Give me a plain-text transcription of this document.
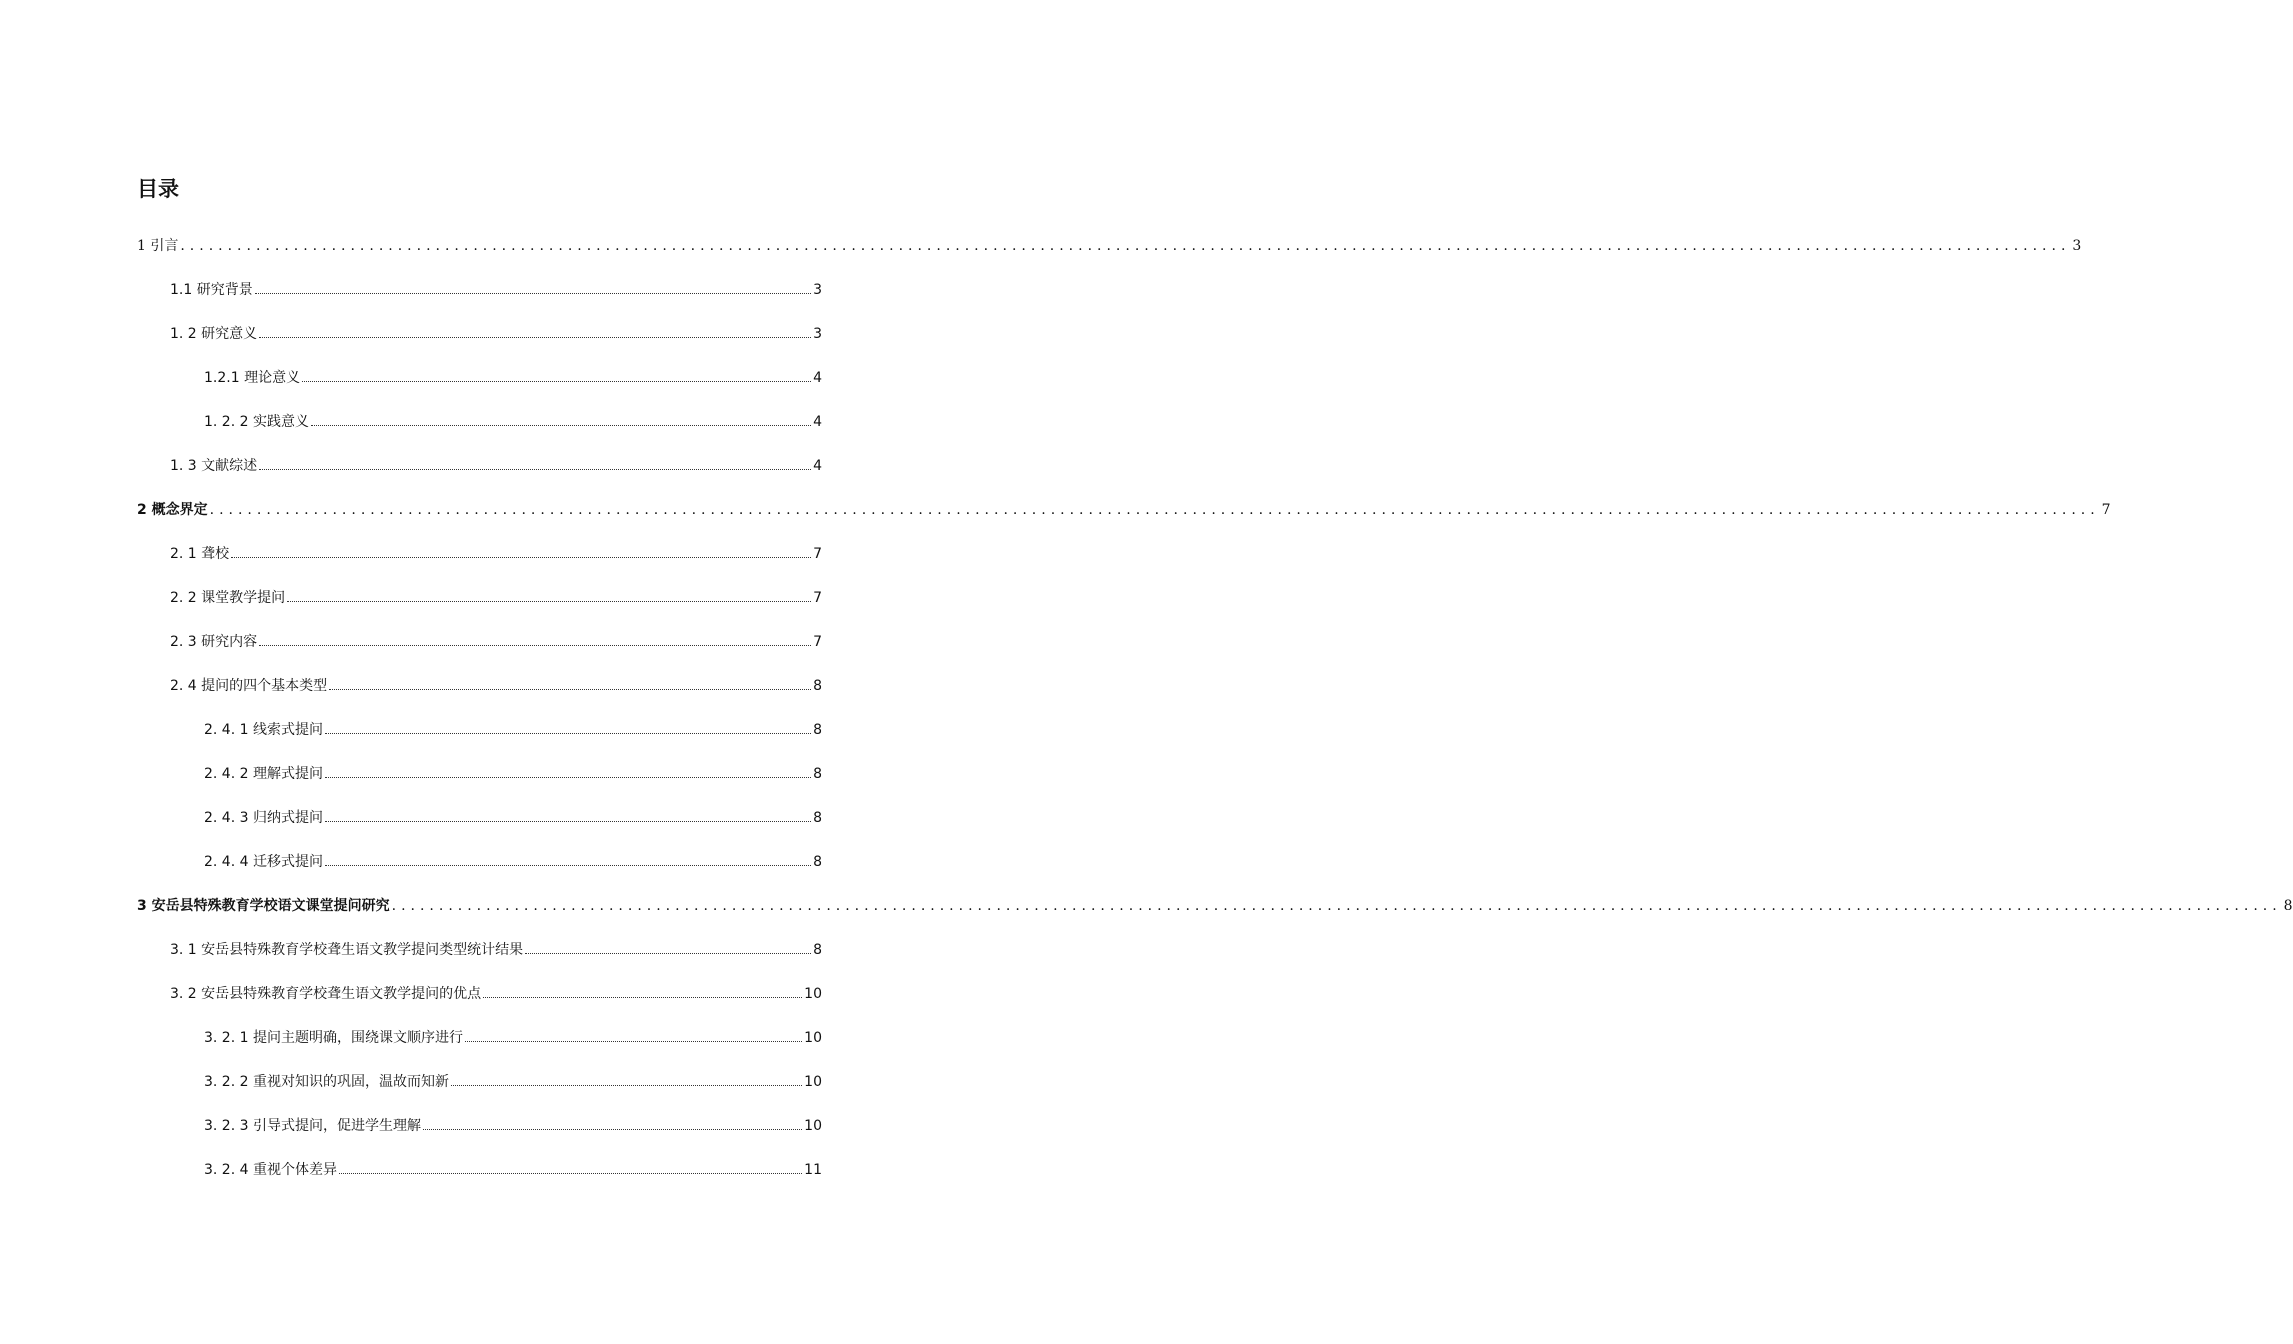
目录
1 引言 ........................................................................................................................................................................................................ 3
1.1 研究背景	3
1. 2 研究意义	3
1.2.1 理论意义	4
1. 2. 2 实践意义	4
1. 3 文献综述	4
2 概念界定 ........................................................................................................................................................................................................ 7
2. 1 聋校	7
2. 2 课堂教学提问	7
2. 3 研究内容	7
2. 4 提问的四个基本类型	8
2. 4. 1 线索式提问	8
2. 4. 2 理解式提问	8
2. 4. 3 归纳式提问	8
2. 4. 4 迁移式提问	8
3 安岳县特殊教育学校语文课堂提问研究 ........................................................................................................................................................................................................ 8
3. 1 安岳县特殊教育学校聋生语文教学提问类型统计结果	8
3. 2 安岳县特殊教育学校聋生语文教学提问的优点	10
3. 2. 1 提问主题明确，围绕课文顺序进行	10
3. 2. 2 重视对知识的巩固，温故而知新	10
3. 2. 3 引导式提问，促进学生理解	10
3. 2. 4 重视个体差异	11
